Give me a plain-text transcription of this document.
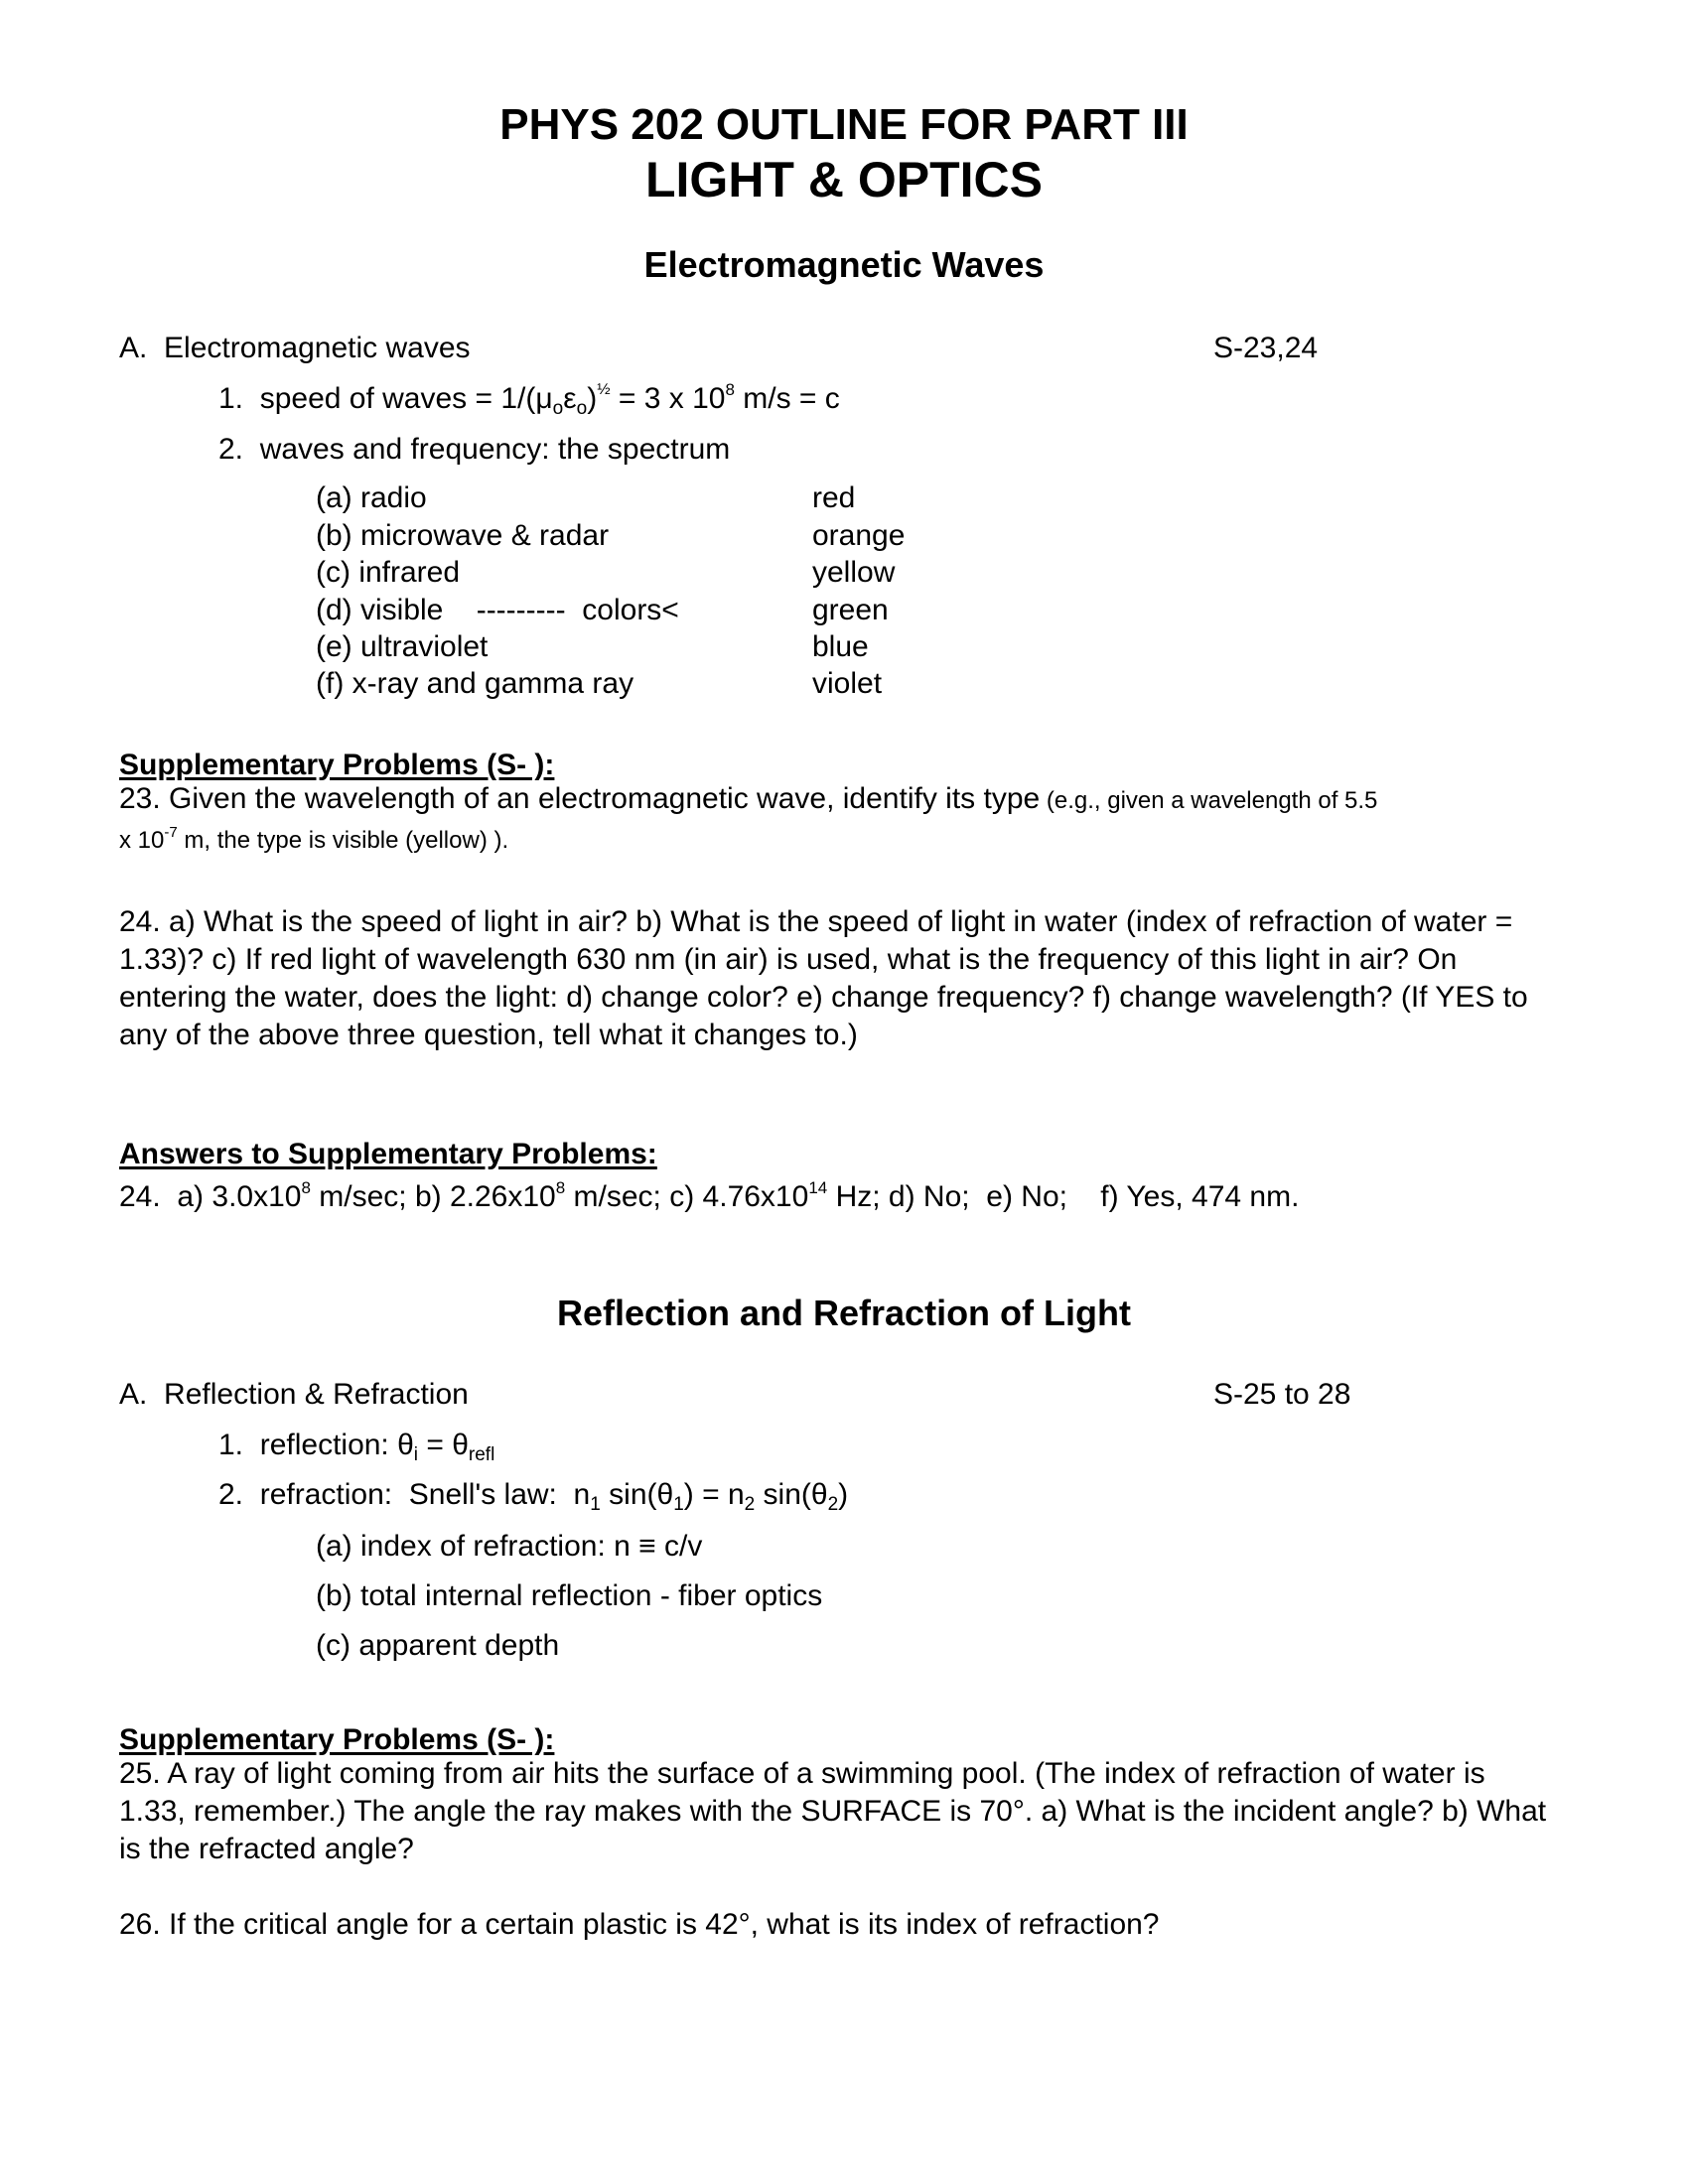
PHYS 202 OUTLINE FOR PART III
LIGHT & OPTICS
Electromagnetic Waves
A. Electromagnetic waves	S-23,24
1. speed of waves = $1/(\mu_o\varepsilon_o)^{\frac{1}{2}} = 3$ x $10^8$ m/s = c
2. waves and frequency: the spectrum
(a) radio	red
(b) microwave & radar	orange
(c) infrared	yellow
(d) visible    ---------  colors<	green
(e) ultraviolet	blue
(f) x-ray and gamma ray	violet
Supplementary Problems (S- ):
23. Given the wavelength of an electromagnetic wave, identify its type (e.g., given a wavelength of 5.5
x $10^{-7}$ m, the type is visible (yellow) ).
24. a) What is the speed of light in air? b) What is the speed of light in water (index of refraction of water = 1.33)? c) If red light of wavelength 630 nm (in air) is used, what is the frequency of this light in air? On entering the water, does the light: d) change color? e) change frequency? f) change wavelength? (If YES to any of the above three question, tell what it changes to.)
Answers to Supplementary Problems:
24.  a) $3.0x10^8$ m/sec; b) $2.26x10^8$ m/sec; c) $4.76x10^{14}$ Hz; d) No;  e) No;    f) Yes, 474 nm.
Reflection and Refraction of Light
A. Reflection & Refraction	S-25 to 28
1. reflection: $\theta_i = \theta_{refl}$
2. refraction:  Snell's law:  $n_1$ $\sin(\theta_1) = n_2$ $\sin(\theta_2)$
(a) index of refraction: n ≡ c/v
(b) total internal reflection - fiber optics
(c) apparent depth
Supplementary Problems (S- ):
25. A ray of light coming from air hits the surface of a swimming pool. (The index of refraction of water is 1.33, remember.) The angle the ray makes with the SURFACE is 70°. a) What is the incident angle? b) What is the refracted angle?
26. If the critical angle for a certain plastic is 42°, what is its index of refraction?
